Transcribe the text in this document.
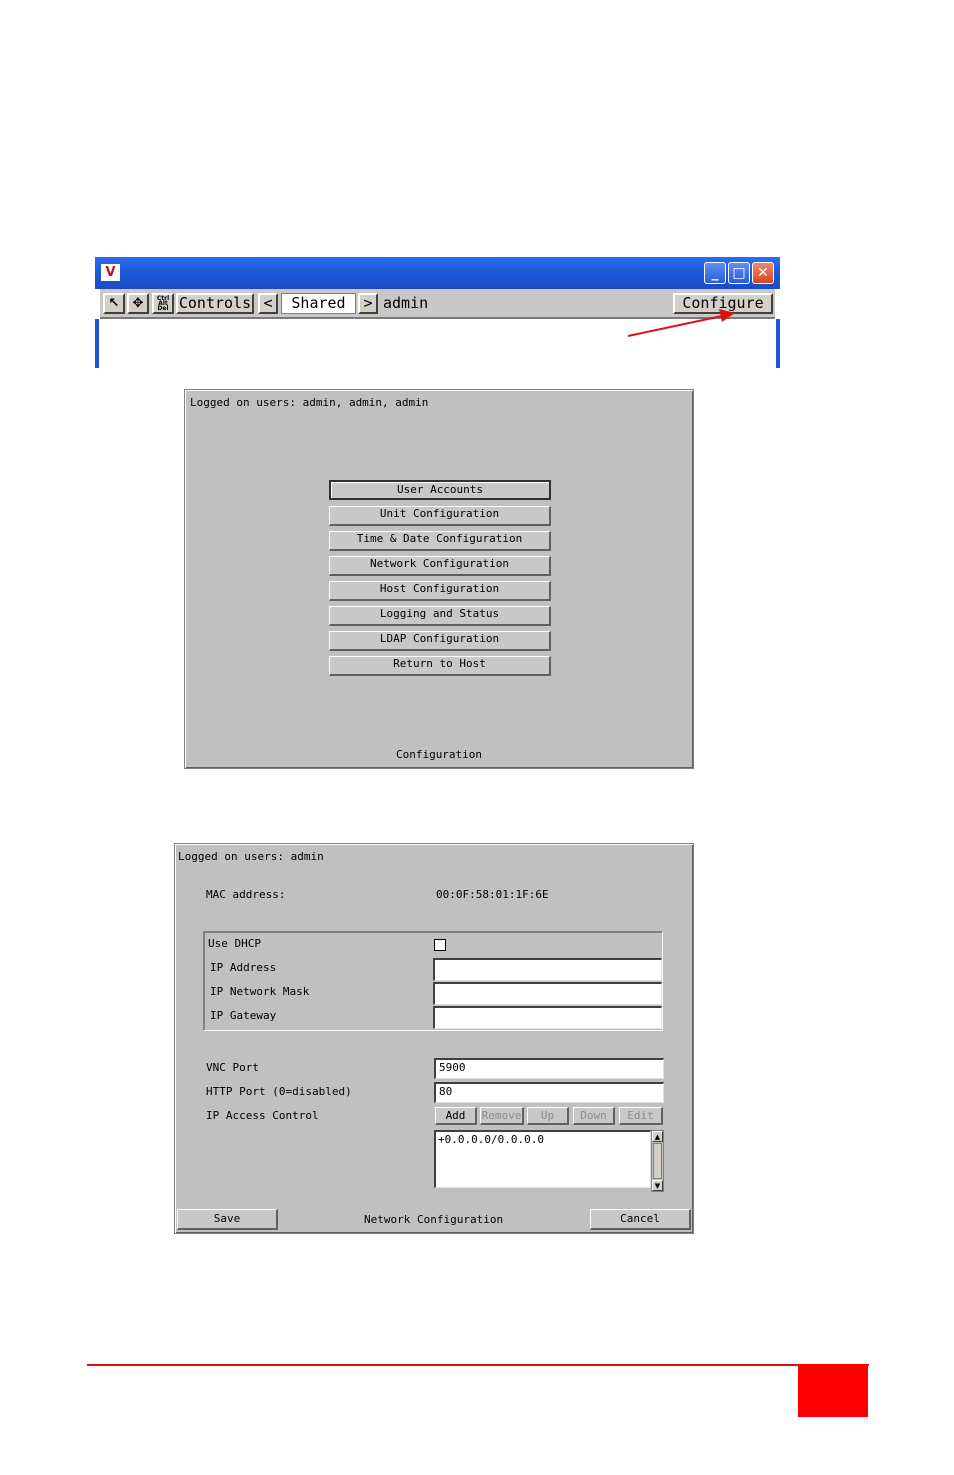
V	_ □ ✕
↖	✥	Ctrl
Alt
Del Controls <	Shared	> admin	Configure
Logged on users: admin, admin, admin
User Accounts
Unit Configuration
Time & Date Configuration
Network Configuration
Host Configuration
Logging and Status
LDAP Configuration
Return to Host
Configuration
Logged on users: admin
MAC address:	00:0F:58:01:1F:6E
Use DHCP
IP Address
IP Network Mask
IP Gateway
VNC Port	5900
HTTP Port (0=disabled)	80
IP Access Control	Add	Remove	Up	Down	Edit
+0.0.0.0/0.0.0.0	▲
▼
Save	Network Configuration	Cancel
